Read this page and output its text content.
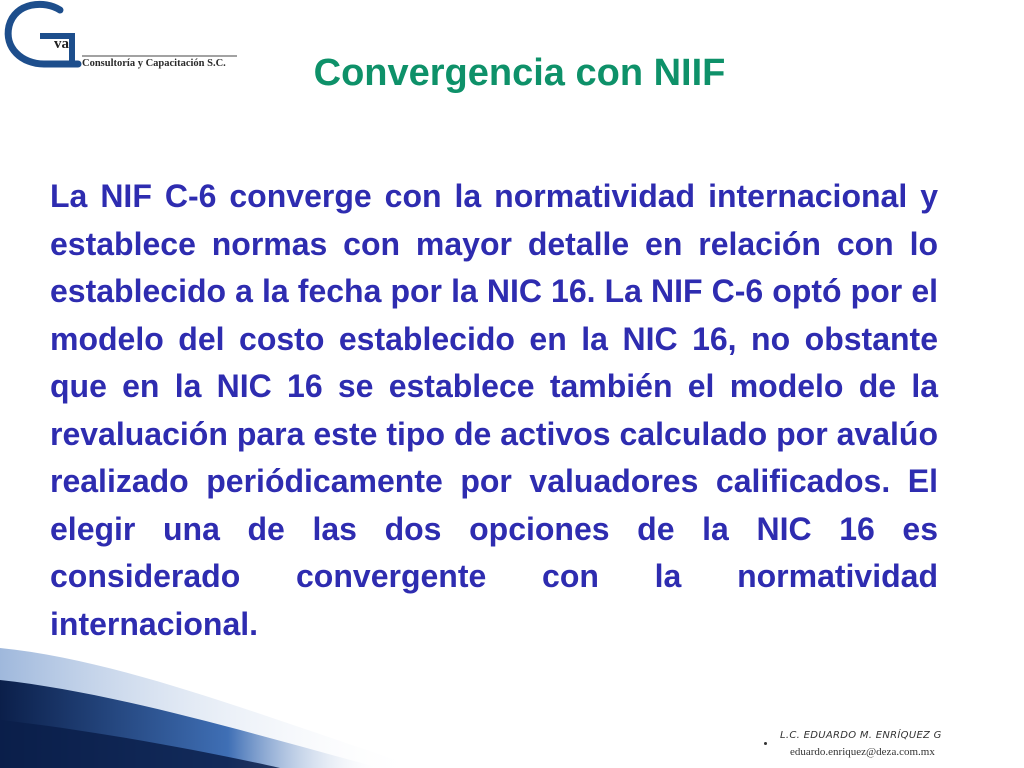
va
Consultoría y Capacitación S.C.	Convergencia con NIIF

La NIF C-6 converge con la normatividad internacional y establece normas con mayor detalle en relación con lo establecido a la fecha por la NIC 16. La NIF C-6 optó por el modelo del costo establecido en la NIC 16, no obstante que en la NIC 16 se establece también el modelo de la revaluación para este tipo de activos calculado por avalúo realizado periódicamente por valuadores calificados. El elegir una de las dos opciones de la NIC 16 es considerado convergente con la normatividad internacional.

L.C. EDUARDO M. ENRÍQUEZ G
eduardo.enriquez@deza.com.mx
